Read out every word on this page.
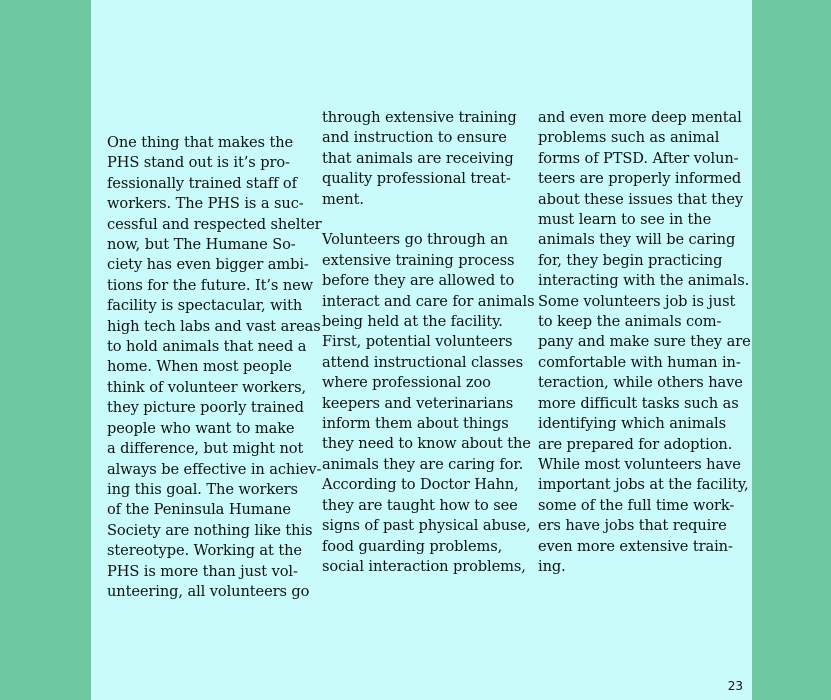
One thing that makes the
PHS stand out is it’s pro-
fessionally trained staff of
workers. The PHS is a suc-
cessful and respected shelter
now, but The Humane So-
ciety has even bigger ambi-
tions for the future. It’s new
facility is spectacular, with
high tech labs and vast areas
to hold animals that need a
home. When most people
think of volunteer workers,
they picture poorly trained
people who want to make
a difference, but might not
always be effective in achiev-
ing this goal. The workers
of the Peninsula Humane
Society are nothing like this
stereotype. Working at the
PHS is more than just vol-
unteering, all volunteers go

through extensive training
and instruction to ensure
that animals are receiving
quality professional treat-
ment.

Volunteers go through an
extensive training process
before they are allowed to
interact and care for animals
being held at the facility.
First, potential volunteers
attend instructional classes
where professional zoo
keepers and veterinarians
inform them about things
they need to know about the
animals they are caring for.
According to Doctor Hahn,
they are taught how to see
signs of past physical abuse,
food guarding problems,
social interaction problems,

and even more deep mental
problems such as animal
forms of PTSD. After volun-
teers are properly informed
about these issues that they
must learn to see in the
animals they will be caring
for, they begin practicing
interacting with the animals.
Some volunteers job is just
to keep the animals com-
pany and make sure they are
comfortable with human in-
teraction, while others have
more difficult tasks such as
identifying which animals
are prepared for adoption.
While most volunteers have
important jobs at the facility,
some of the full time work-
ers have jobs that require
even more extensive train-
ing.

23
